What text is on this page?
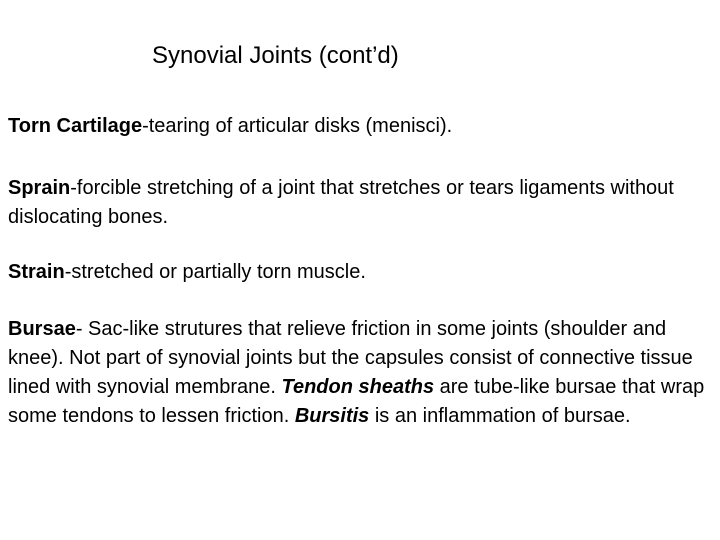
Synovial Joints (cont’d)
Torn Cartilage-tearing of articular disks (menisci).
Sprain-forcible stretching of a joint that stretches or tears ligaments without dislocating bones.
Strain-stretched or partially torn muscle.
Bursae- Sac-like strutures that relieve friction in some joints (shoulder and knee). Not part of synovial joints but the capsules consist of connective tissue lined with synovial membrane. Tendon sheaths are tube-like bursae that wrap some tendons to lessen friction. Bursitis is an inflammation of bursae.
